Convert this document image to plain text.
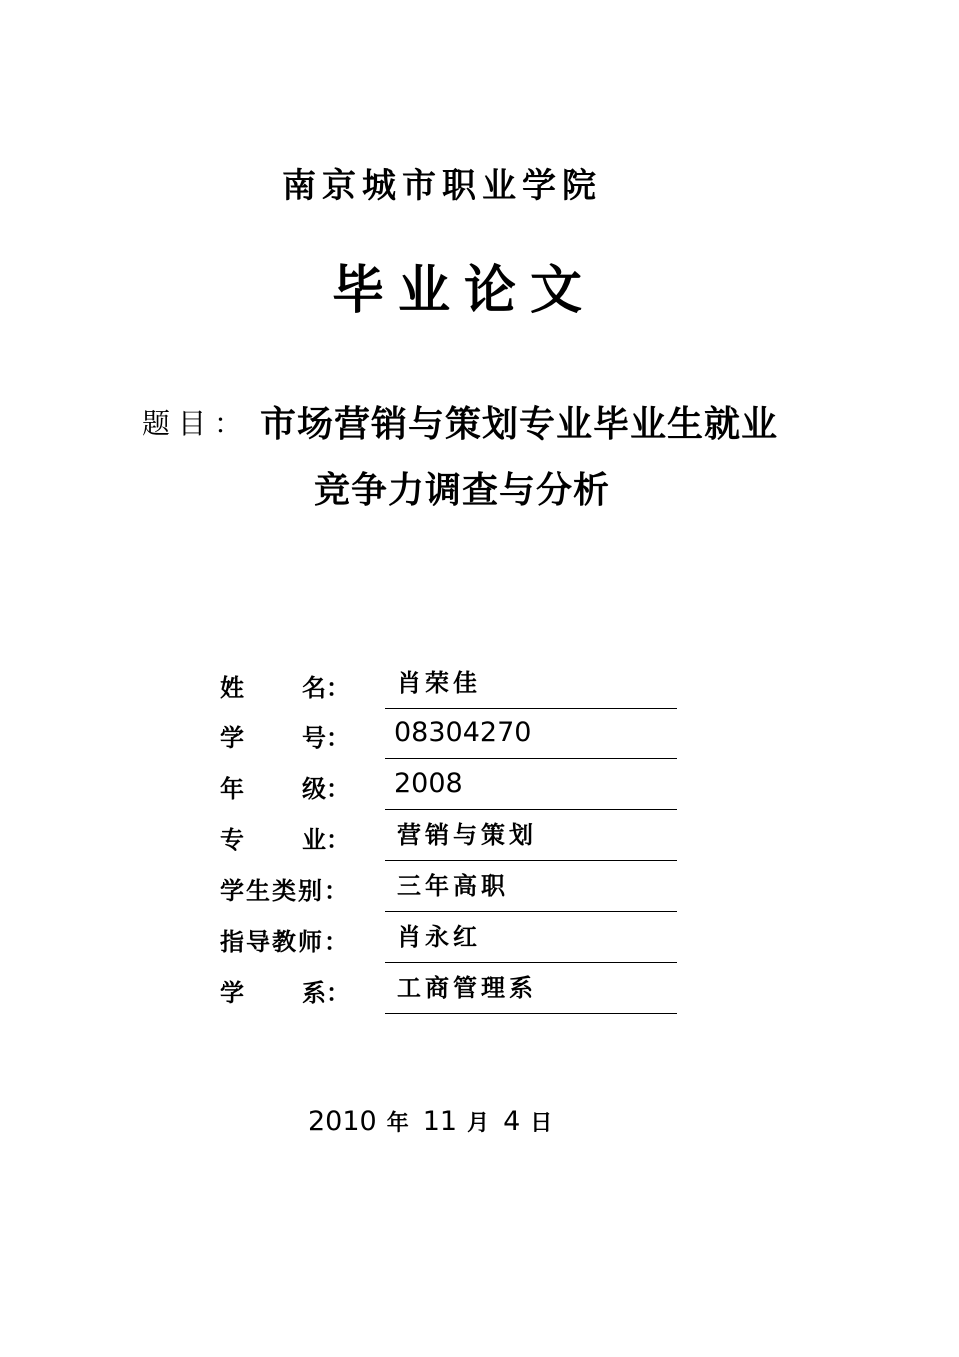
南京城市职业学院
毕业论文
题目： 市场营销与策划专业毕业生就业
竞争力调查与分析
姓 名： 肖荣佳
学 号： 08304270
年 级： 2008
专 业： 营销与策划
学生类别 ： 三年高职
指导教师 ： 肖永红
学 系： 工商管理系
2010 年 11 月 4 日
